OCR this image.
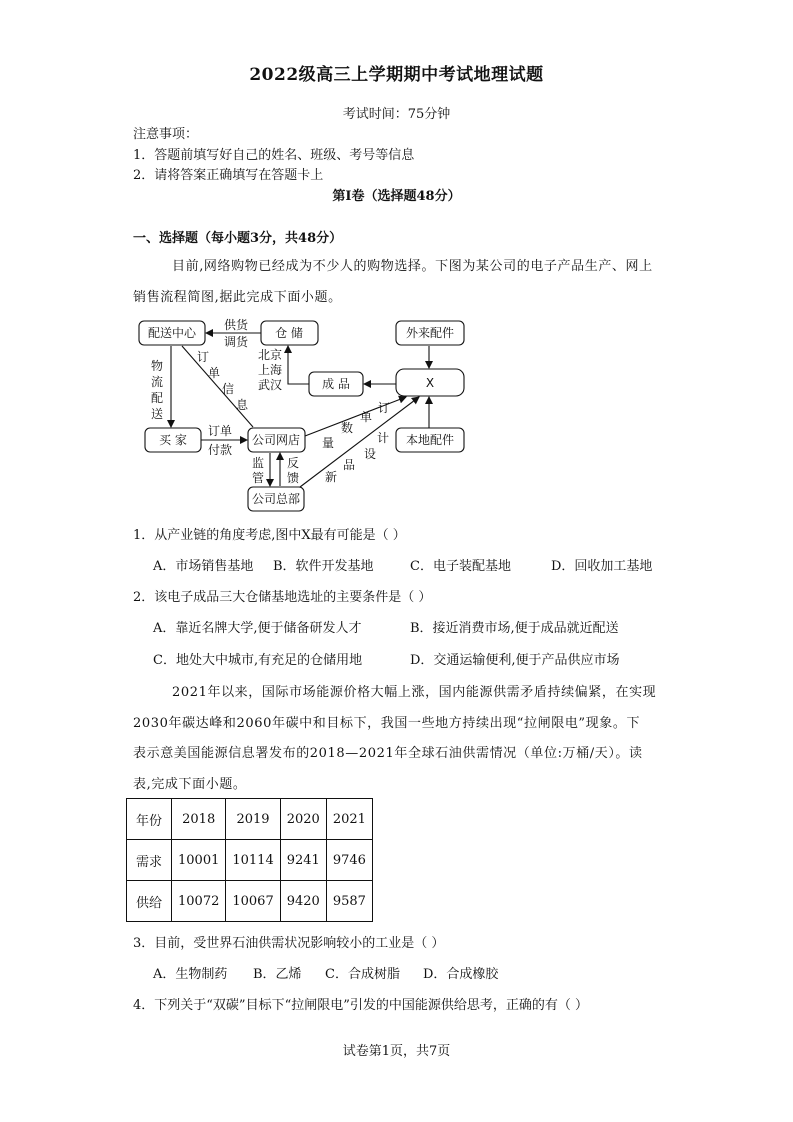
2022级高三上学期期中考试地理试题
考试时间：75分钟
注意事项：
1．答题前填写好自己的姓名、班级、考号等信息
2．请将答案正确填写在答题卡上
第I卷（选择题48分）
一、选择题（每小题3分，共48分）
目前,网络购物已经成为不少人的购物选择。下图为某公司的电子产品生产、网上
销售流程简图,据此完成下面小题。
配送中心	仓 储	外来配件
成 品	X
买 家	公司网店	本地配件
公司总部
供货
调货
北京
上海
武汉
物
流
配
送
订
单
信
息
订单
付款
监
管
反
馈
订
单
数
量
设
计
新
品
1．从产业链的角度考虑,图中X最有可能是（ ）
A．市场销售基地 B．软件开发基地	C．电子装配基地	D．回收加工基地
2．该电子成品三大仓储基地选址的主要条件是（ ）
A．靠近名牌大学,便于储备研发人才	B．接近消费市场,便于成品就近配送
C．地处大中城市,有充足的仓储用地	D．交通运输便利,便于产品供应市场
2021年以来，国际市场能源价格大幅上涨，国内能源供需矛盾持续偏紧，在实现
2030年碳达峰和2060年碳中和目标下，我国一些地方持续出现“拉闸限电”现象。下
表示意美国能源信息署发布的2018—2021年全球石油供需情况（单位:万桶/天）。读
表,完成下面小题。
年份	2018	2019	2020	2021
需求	10001	10114	9241	9746
供给	10072	10067	9420	9587
3．目前，受世界石油供需状况影响较小的工业是（ ）
A．生物制药 B．乙烯 C．合成树脂 D．合成橡胶
4．下列关于“双碳”目标下“拉闸限电”引发的中国能源供给思考，正确的有（ ）
试卷第1页，共7页
